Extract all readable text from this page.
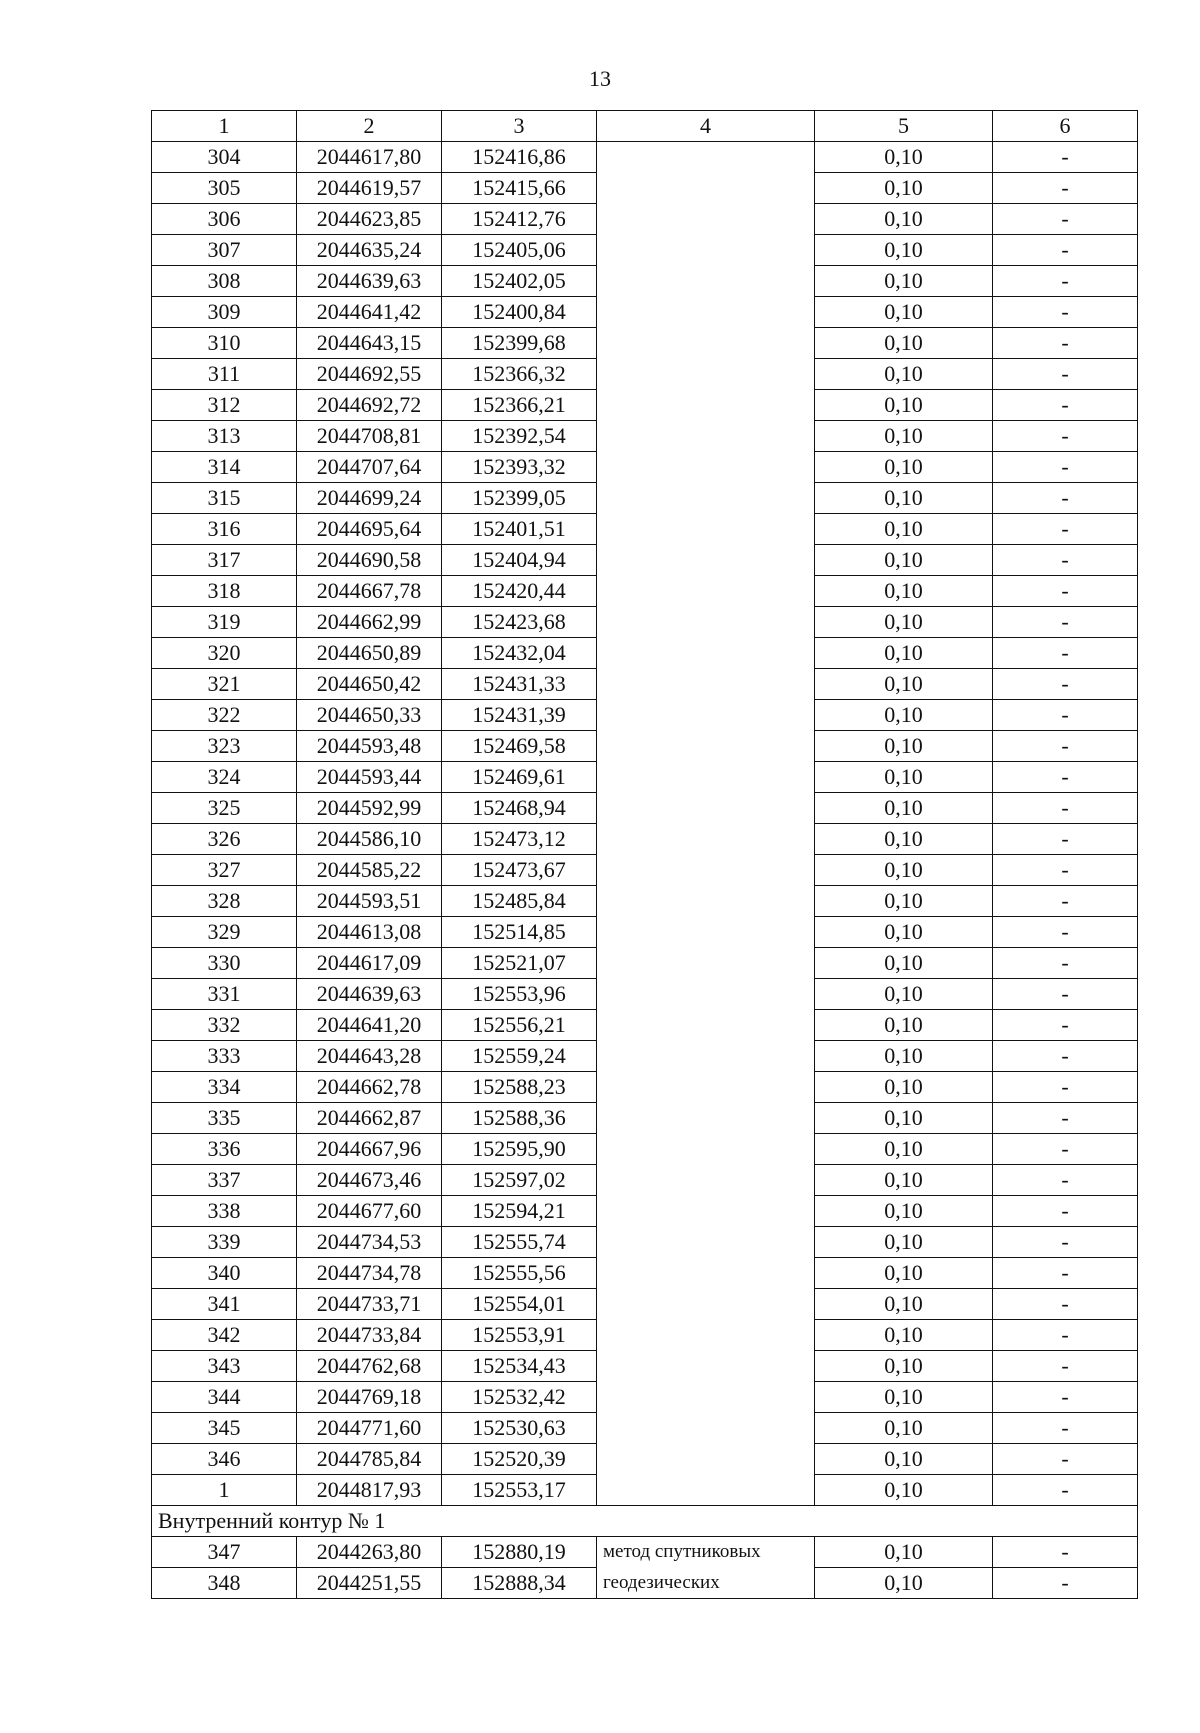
13
1	2	3	4	5	6
304	2044617,80	152416,86		0,10	-
305	2044619,57	152415,66		0,10	-
306	2044623,85	152412,76		0,10	-
307	2044635,24	152405,06		0,10	-
308	2044639,63	152402,05		0,10	-
309	2044641,42	152400,84		0,10	-
310	2044643,15	152399,68		0,10	-
311	2044692,55	152366,32		0,10	-
312	2044692,72	152366,21		0,10	-
313	2044708,81	152392,54		0,10	-
314	2044707,64	152393,32		0,10	-
315	2044699,24	152399,05		0,10	-
316	2044695,64	152401,51		0,10	-
317	2044690,58	152404,94		0,10	-
318	2044667,78	152420,44		0,10	-
319	2044662,99	152423,68		0,10	-
320	2044650,89	152432,04		0,10	-
321	2044650,42	152431,33		0,10	-
322	2044650,33	152431,39		0,10	-
323	2044593,48	152469,58		0,10	-
324	2044593,44	152469,61		0,10	-
325	2044592,99	152468,94		0,10	-
326	2044586,10	152473,12		0,10	-
327	2044585,22	152473,67		0,10	-
328	2044593,51	152485,84		0,10	-
329	2044613,08	152514,85		0,10	-
330	2044617,09	152521,07		0,10	-
331	2044639,63	152553,96		0,10	-
332	2044641,20	152556,21		0,10	-
333	2044643,28	152559,24		0,10	-
334	2044662,78	152588,23		0,10	-
335	2044662,87	152588,36		0,10	-
336	2044667,96	152595,90		0,10	-
337	2044673,46	152597,02		0,10	-
338	2044677,60	152594,21		0,10	-
339	2044734,53	152555,74		0,10	-
340	2044734,78	152555,56		0,10	-
341	2044733,71	152554,01		0,10	-
342	2044733,84	152553,91		0,10	-
343	2044762,68	152534,43		0,10	-
344	2044769,18	152532,42		0,10	-
345	2044771,60	152530,63		0,10	-
346	2044785,84	152520,39		0,10	-
1	2044817,93	152553,17		0,10	-
Внутренний контур № 1					
347	2044263,80	152880,19	метод спутниковых	0,10	-
348	2044251,55	152888,34	геодезических	0,10	-
